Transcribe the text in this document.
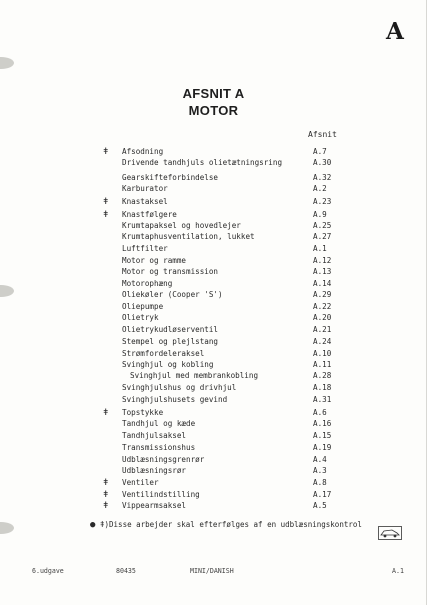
A
AFSNIT A
MOTOR
Afsnit
ǂ Afsodning	A.7
Drivende tandhjuls olietætningsring	A.30
Gearskifteforbindelse	A.32
Karburator	A.2
ǂ Knastaksel	A.23
ǂ Knastfølgere	A.9
Krumtapaksel og hovedlejer	A.25
Krumtaphusventilation, lukket	A.27
Luftfilter	A.1
Motor og ramme	A.12
Motor og transmission	A.13
Motorophæng	A.14
Oliekøler (Cooper 'S')	A.29
Oliepumpe	A.22
Olietryk	A.20
Olietrykudløserventil	A.21
Stempel og plejlstang	A.24
Strømfordeleraksel	A.10
Svinghjul og kobling	A.11
Svinghjul med membrankobling	A.28
Svinghjulshus og drivhjul	A.18
Svinghjulshusets gevind	A.31
ǂ Topstykke	A.6
Tandhjul og kæde	A.16
Tandhjulsaksel	A.15
Transmissionshus	A.19
Udblæsningsgrenrør	A.4
Udblæsningsrør	A.3
ǂ Ventiler	A.8
ǂ Ventilindstilling	A.17
ǂ Vippearmsaksel	A.5
● ǂ)Disse arbejder skal efterfølges af en udblæsningskontrol
6.udgave	80435	MINI/DANISH	A.1
